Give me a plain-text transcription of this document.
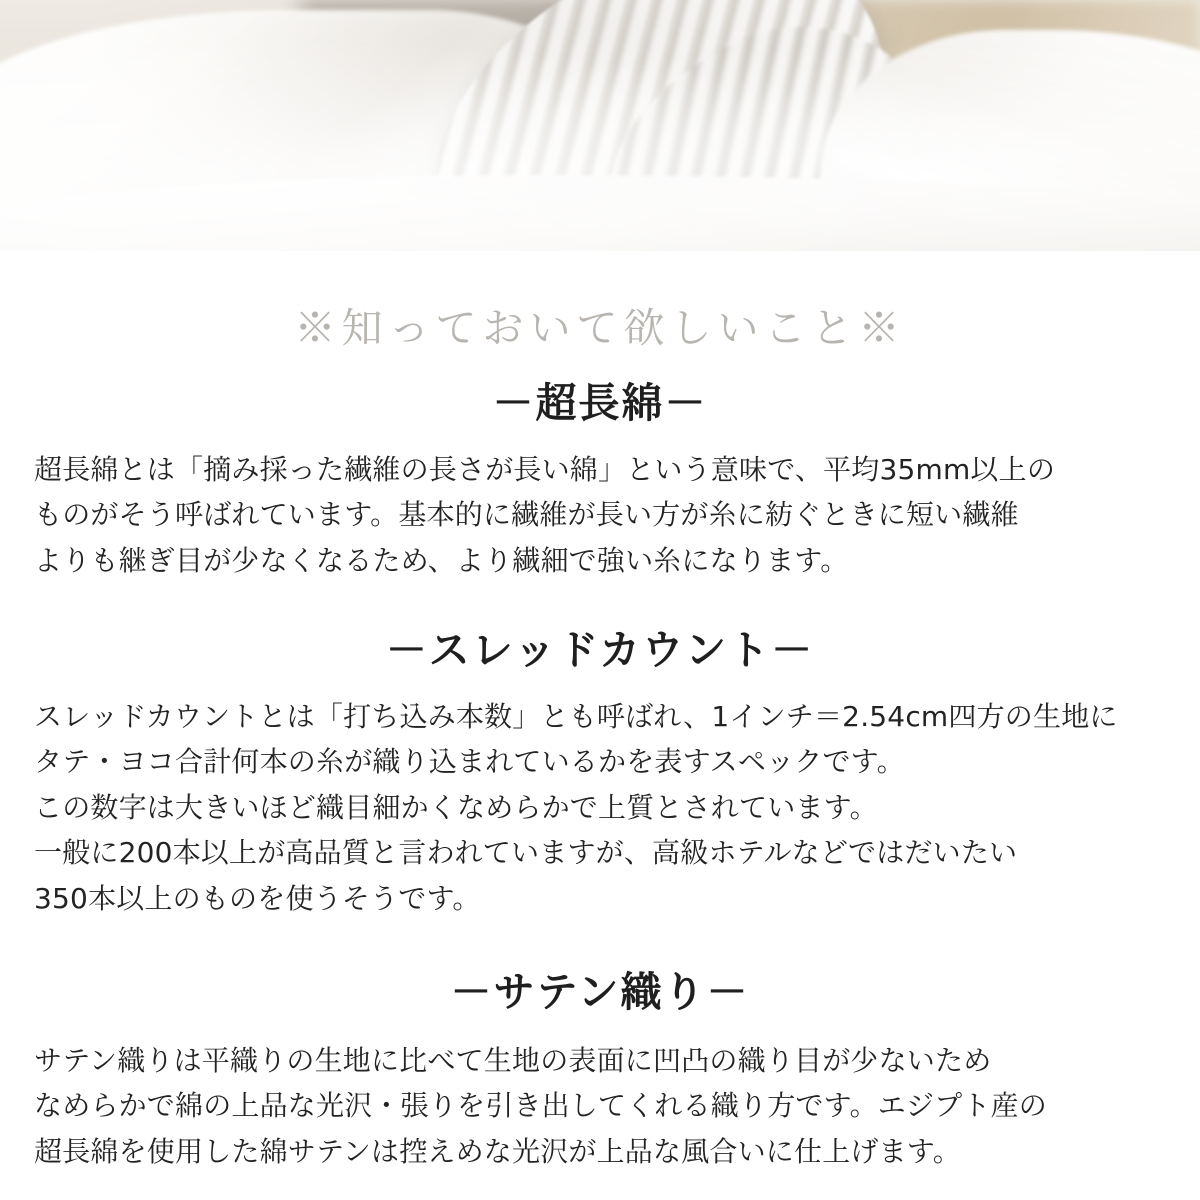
※知っておいて欲しいこと※
－超長綿－

超長綿とは「摘み採った繊維の長さが長い綿」という意味で、平均35mm以上の
ものがそう呼ばれています。基本的に繊維が長い方が糸に紡ぐときに短い繊維
よりも継ぎ目が少なくなるため、より繊細で強い糸になります。

－スレッドカウント－

スレッドカウントとは「打ち込み本数」とも呼ばれ、1インチ＝2.54cm四方の生地に
タテ・ヨコ合計何本の糸が織り込まれているかを表すスペックです。
この数字は大きいほど織目細かくなめらかで上質とされています。
一般に200本以上が高品質と言われていますが、高級ホテルなどではだいたい
350本以上のものを使うそうです。

－サテン織り－

サテン織りは平織りの生地に比べて生地の表面に凹凸の織り目が少ないため
なめらかで綿の上品な光沢・張りを引き出してくれる織り方です。エジプト産の
超長綿を使用した綿サテンは控えめな光沢が上品な風合いに仕上げます。
